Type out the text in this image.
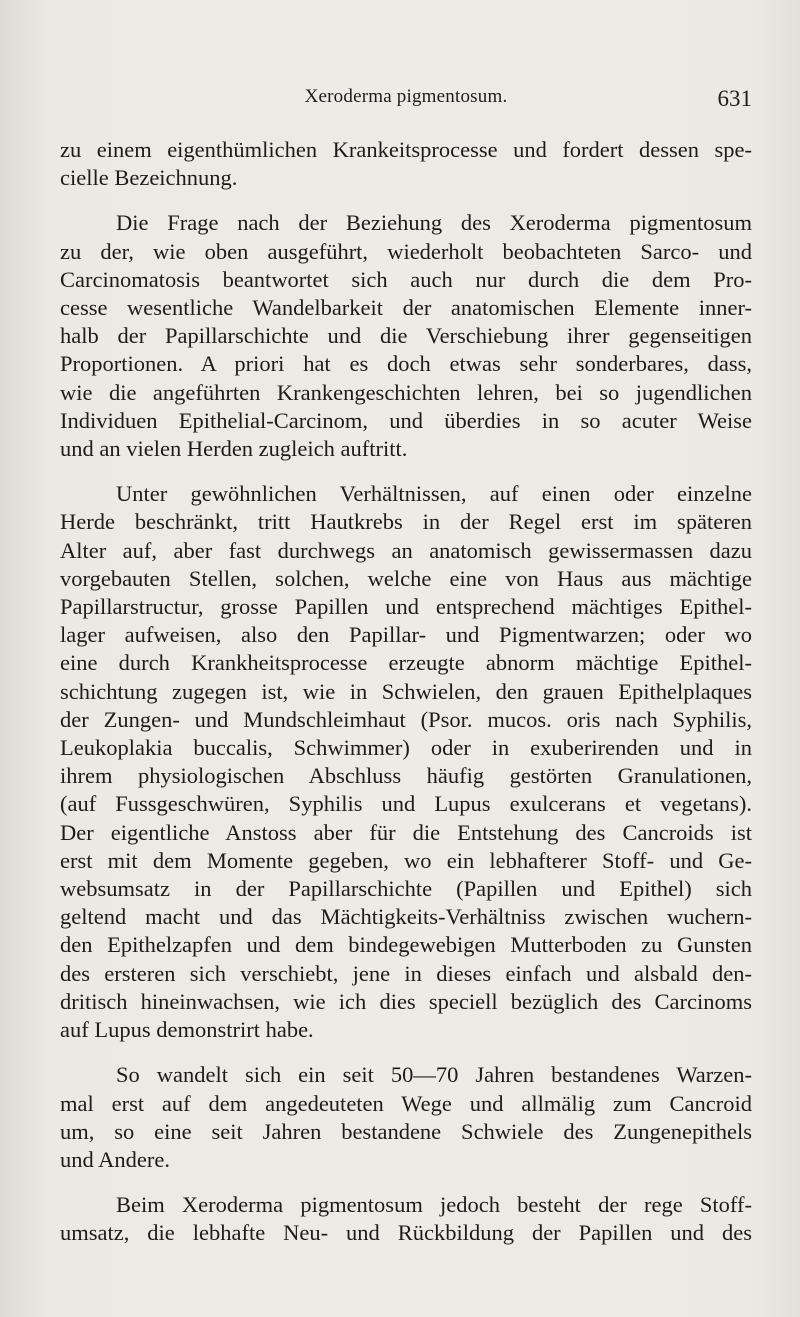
Xeroderma pigmentosum.	631

zu einem eigenthümlichen Krankeitsprocesse und fordert dessen spe-
cielle Bezeichnung.

Die Frage nach der Beziehung des Xeroderma pigmentosum
zu der, wie oben ausgeführt, wiederholt beobachteten Sarco- und
Carcinomatosis beantwortet sich auch nur durch die dem Pro-
cesse wesentliche Wandelbarkeit der anatomischen Elemente inner-
halb der Papillarschichte und die Verschiebung ihrer gegenseitigen
Proportionen. A priori hat es doch etwas sehr sonderbares, dass,
wie die angeführten Krankengeschichten lehren, bei so jugendlichen
Individuen Epithelial-Carcinom, und überdies in so acuter Weise
und an vielen Herden zugleich auftritt.

Unter gewöhnlichen Verhältnissen, auf einen oder einzelne
Herde beschränkt, tritt Hautkrebs in der Regel erst im späteren
Alter auf, aber fast durchwegs an anatomisch gewissermassen dazu
vorgebauten Stellen, solchen, welche eine von Haus aus mächtige
Papillarstructur, grosse Papillen und entsprechend mächtiges Epithel-
lager aufweisen, also den Papillar- und Pigmentwarzen; oder wo
eine durch Krankheitsprocesse erzeugte abnorm mächtige Epithel-
schichtung zugegen ist, wie in Schwielen, den grauen Epithelplaques
der Zungen- und Mundschleimhaut (Psor. mucos. oris nach Syphilis,
Leukoplakia buccalis, Schwimmer) oder in exuberirenden und in
ihrem physiologischen Abschluss häufig gestörten Granulationen,
(auf Fussgeschwüren, Syphilis und Lupus exulcerans et vegetans).
Der eigentliche Anstoss aber für die Entstehung des Cancroids ist
erst mit dem Momente gegeben, wo ein lebhafterer Stoff- und Ge-
websumsatz in der Papillarschichte (Papillen und Epithel) sich
geltend macht und das Mächtigkeits-Verhältniss zwischen wuchern-
den Epithelzapfen und dem bindegewebigen Mutterboden zu Gunsten
des ersteren sich verschiebt, jene in dieses einfach und alsbald den-
dritisch hineinwachsen, wie ich dies speciell bezüglich des Carcinoms
auf Lupus demonstrirt habe.

So wandelt sich ein seit 50—70 Jahren bestandenes Warzen-
mal erst auf dem angedeuteten Wege und allmälig zum Cancroid
um, so eine seit Jahren bestandene Schwiele des Zungenepithels
und Andere.

Beim Xeroderma pigmentosum jedoch besteht der rege Stoff-
umsatz, die lebhafte Neu- und Rückbildung der Papillen und des
